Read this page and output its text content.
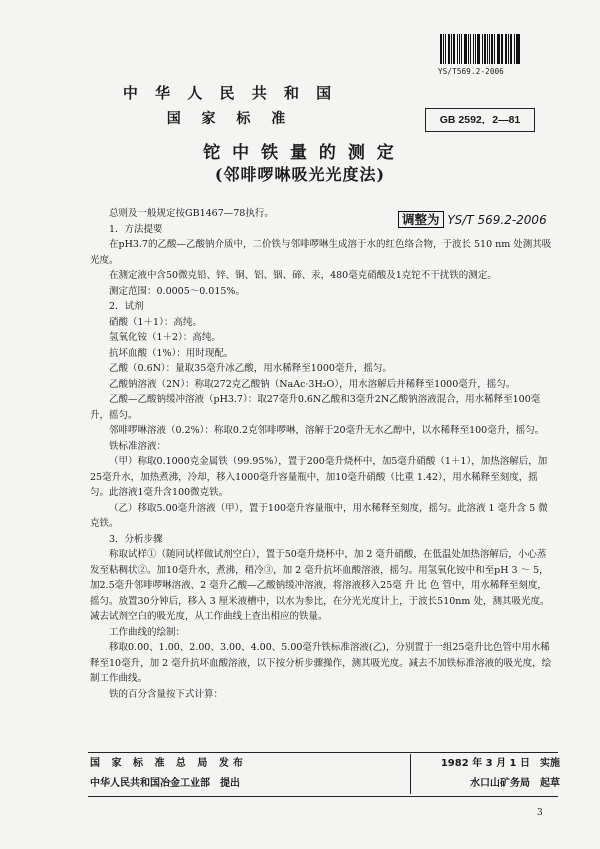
YS/T569.2-2006
中 华 人 民 共 和 国
国 家 标 准	GB 2592．2—81
铊 中 铁 量 的 测 定
(邻啡啰啉吸光光度法)
调整为 YS/T 569.2-2006

总则及一般规定按GB1467—78执行。

1．方法提要

在pH3.7的乙酸—乙酸钠介质中，二价铁与邻啡啰啉生成溶于水的红色络合物，于波长 510 nm 处测其吸光度。

在测定液中含50微克铅、锌、铜、铝、铟、碲、汞，480毫克硝酸及1克铊不干扰铁的测定。

测定范围：0.0005～0.015%。

2．试剂

硝酸（1＋1）：高纯。

氢氧化铵（1＋2）：高纯。

抗坏血酸（1%）：用时现配。

乙酸（0.6N）：量取35毫升冰乙酸，用水稀释至1000毫升，摇匀。

乙酸钠溶液（2N）：称取272克乙酸钠（NaAc·3H₂O），用水溶解后并稀释至1000毫升，摇匀。

乙酸—乙酸钠缓冲溶液（pH3.7）：取27毫升0.6N乙酸和3毫升2N乙酸钠溶液混合，用水稀释至100毫升，摇匀。

邻啡啰啉溶液（0.2%）：称取0.2克邻啡啰啉，溶解于20毫升无水乙醇中，以水稀释至100毫升，摇匀。

铁标准溶液：

（甲）称取0.1000克金属铁（99.95%），置于200毫升烧杯中，加5毫升硝酸（1＋1），加热溶解后，加25毫升水，加热煮沸，冷却，移入1000毫升容量瓶中，加10毫升硝酸（比重 1.42），用水稀释至刻度，摇匀。此溶液1毫升含100微克铁。

（乙）移取5.00毫升溶液（甲），置于100毫升容量瓶中，用水稀释至刻度，摇匀。此溶液 1 毫升含 5 微克铁。

3．分析步骤

称取试样①（随同试样做试剂空白），置于50毫升烧杯中，加 2 毫升硝酸，在低温处加热溶解后，小心蒸发至粘稠状②。加10毫升水，煮沸，稍冷③，加 2 毫升抗坏血酸溶液，摇匀。用氢氧化铵中和至pH 3 ～ 5，加2.5毫升邻啡啰啉溶液、2 毫升乙酸—乙酸钠缓冲溶液，将溶液移入25毫 升 比 色 管中，用水稀释至刻度，摇匀。放置30分钟后，移入 3 厘米液槽中，以水为参比，在分光光度计上，于波长510nm 处，测其吸光度。减去试剂空白的吸光度，从工作曲线上查出相应的铁量。

工作曲线的绘制：

移取0.00、1.00、2.00、3.00、4.00、5.00毫升铁标准溶液(乙)，分别置于一组25毫升比色管中用水稀释至10毫升，加 2 毫升抗坏血酸溶液，以下按分析步骤操作，测其吸光度。减去不加铁标准溶液的吸光度，绘制工作曲线。

铁的百分含量按下式计算：

国 家 标 准 总 局 发布	1982 年 3 月 1 日　实施
中华人民共和国冶金工业部　提出	水口山矿务局　起草
3
